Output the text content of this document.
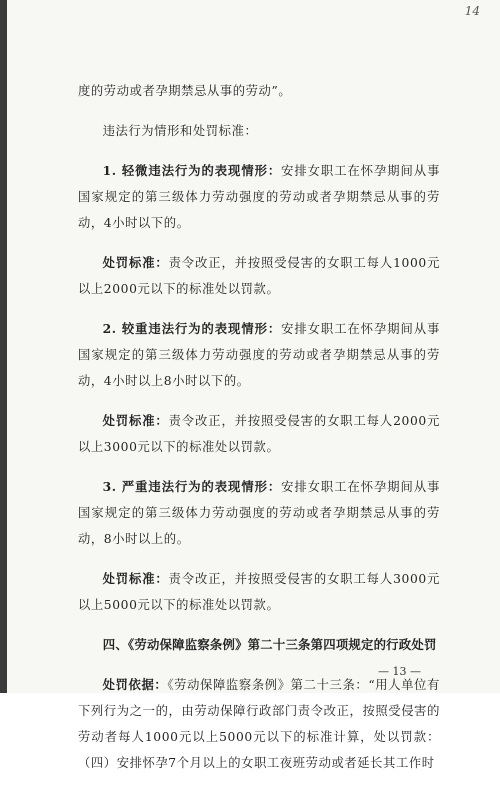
14

度的劳动或者孕期禁忌从事的劳动”。

违法行为情形和处罚标准：

1. 轻微违法行为的表现情形：安排女职工在怀孕期间从事国家规定的第三级体力劳动强度的劳动或者孕期禁忌从事的劳动，4小时以下的。

处罚标准：责令改正，并按照受侵害的女职工每人1000元以上2000元以下的标准处以罚款。

2. 较重违法行为的表现情形：安排女职工在怀孕期间从事国家规定的第三级体力劳动强度的劳动或者孕期禁忌从事的劳动，4小时以上8小时以下的。

处罚标准：责令改正，并按照受侵害的女职工每人2000元以上3000元以下的标准处以罚款。

3. 严重违法行为的表现情形：安排女职工在怀孕期间从事国家规定的第三级体力劳动强度的劳动或者孕期禁忌从事的劳动，8小时以上的。

处罚标准：责令改正，并按照受侵害的女职工每人3000元以上5000元以下的标准处以罚款。

四、《劳动保障监察条例》第二十三条第四项规定的行政处罚

处罚依据：《劳动保障监察条例》第二十三条：“用人单位有下列行为之一的，由劳动保障行政部门责令改正，按照受侵害的劳动者每人1000元以上5000元以下的标准计算，处以罚款：（四）安排怀孕7个月以上的女职工夜班劳动或者延长其工作时

— 13 —
